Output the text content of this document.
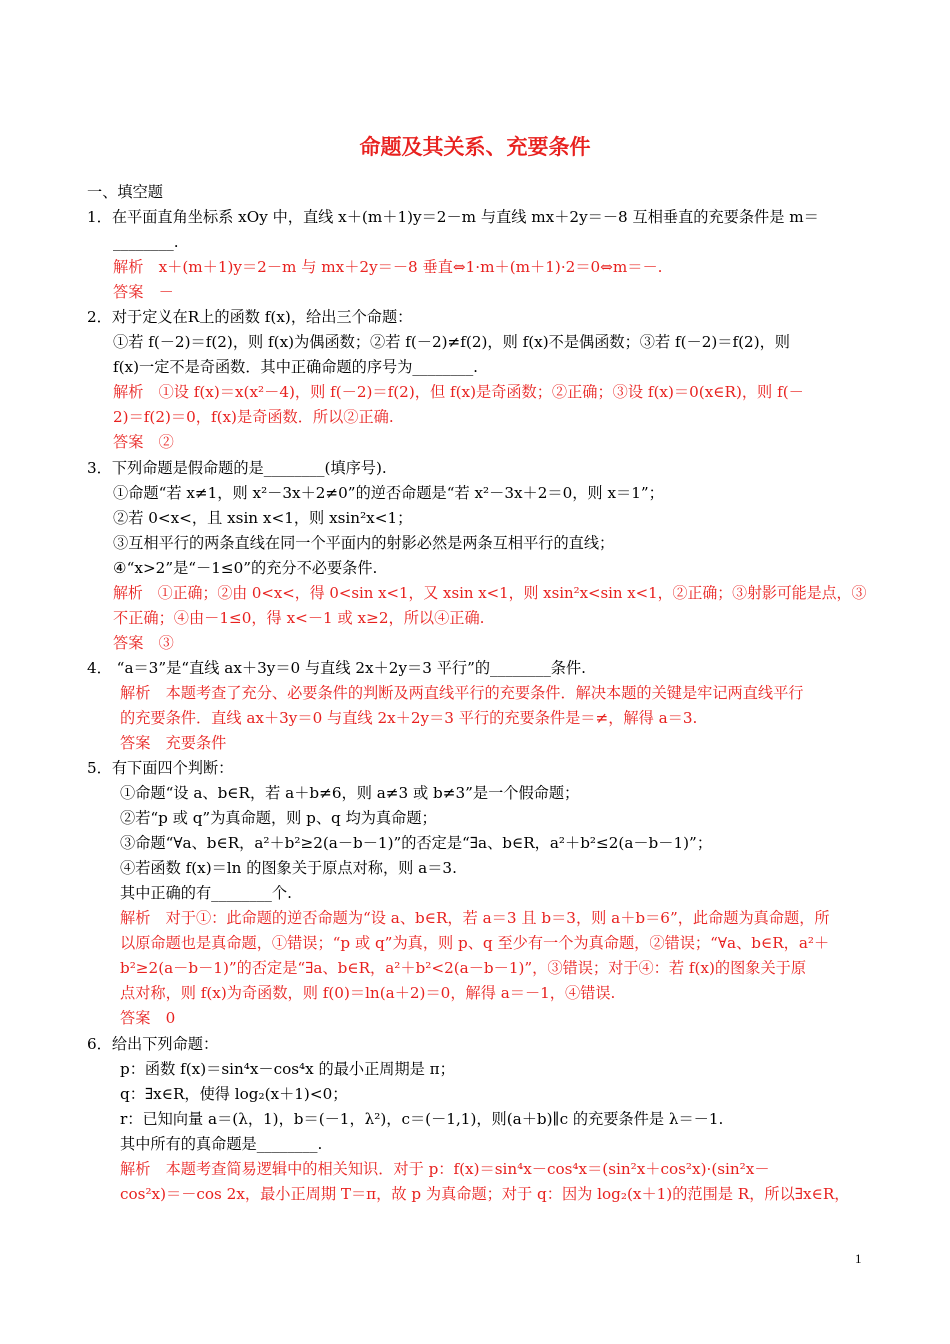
命题及其关系、充要条件
一、填空题
1．在平面直角坐标系 xOy 中，直线 x＋(m＋1)y＝2－m 与直线 mx＋2y＝－8 互相垂直的充要条件是 m＝
________.
解析　x＋(m＋1)y＝2－m 与 mx＋2y＝－8 垂直⇔1·m＋(m＋1)·2＝0⇔m＝－.
答案　－
2．对于定义在R上的函数 f(x)，给出三个命题：
①若 f(－2)＝f(2)，则 f(x)为偶函数；②若 f(－2)≠f(2)，则 f(x)不是偶函数；③若 f(－2)＝f(2)，则
f(x)一定不是奇函数．其中正确命题的序号为________.
解析　①设 f(x)＝x(x²－4)，则 f(－2)＝f(2)，但 f(x)是奇函数；②正确；③设 f(x)＝0(x∈R)，则 f(－
2)＝f(2)＝0，f(x)是奇函数．所以②正确.
答案　②
3．下列命题是假命题的是________(填序号).
①命题“若 x≠1，则 x²－3x＋2≠0”的逆否命题是“若 x²－3x＋2＝0，则 x＝1”；
②若 0<x<，且 xsin x<1，则 xsin²x<1；
③互相平行的两条直线在同一个平面内的射影必然是两条互相平行的直线；
④“x>2”是“－1≤0”的充分不必要条件.
解析　①正确；②由 0<x<，得 0<sin x<1，又 xsin x<1，则 xsin²x<sin x<1，②正确；③射影可能是点，③
不正确；④由－1≤0，得 x<－1 或 x≥2，所以④正确.
答案　③
4． “a＝3”是“直线 ax＋3y＝0 与直线 2x＋2y＝3 平行”的________条件.
解析　本题考查了充分、必要条件的判断及两直线平行的充要条件．解决本题的关键是牢记两直线平行
的充要条件．直线 ax＋3y＝0 与直线 2x＋2y＝3 平行的充要条件是＝≠，解得 a＝3.
答案　充要条件
5．有下面四个判断：
①命题“设 a、b∈R，若 a＋b≠6，则 a≠3 或 b≠3”是一个假命题；
②若“p 或 q”为真命题，则 p、q 均为真命题；
③命题“∀a、b∈R，a²＋b²≥2(a－b－1)”的否定是“∃a、b∈R，a²＋b²≤2(a－b－1)”；
④若函数 f(x)＝ln 的图象关于原点对称，则 a＝3.
其中正确的有________个.
解析　对于①：此命题的逆否命题为“设 a、b∈R，若 a＝3 且 b＝3，则 a＋b＝6”，此命题为真命题，所
以原命题也是真命题，①错误；“p 或 q”为真，则 p、q 至少有一个为真命题，②错误；“∀a、b∈R，a²＋
b²≥2(a－b－1)”的否定是“∃a、b∈R，a²＋b²<2(a－b－1)”，③错误；对于④：若 f(x)的图象关于原
点对称，则 f(x)为奇函数，则 f(0)＝ln(a＋2)＝0，解得 a＝－1，④错误.
答案　0
6．给出下列命题：
p：函数 f(x)＝sin⁴x－cos⁴x 的最小正周期是 π；
q：∃x∈R，使得 log₂(x＋1)<0；
r：已知向量 a＝(λ，1)，b＝(－1，λ²)，c＝(－1,1)，则(a＋b)∥c 的充要条件是 λ＝－1.
其中所有的真命题是________.
解析　本题考查简易逻辑中的相关知识．对于 p：f(x)＝sin⁴x－cos⁴x＝(sin²x＋cos²x)·(sin²x－
cos²x)＝－cos 2x，最小正周期 T＝π，故 p 为真命题；对于 q：因为 log₂(x＋1)的范围是 R，所以∃x∈R，
1
